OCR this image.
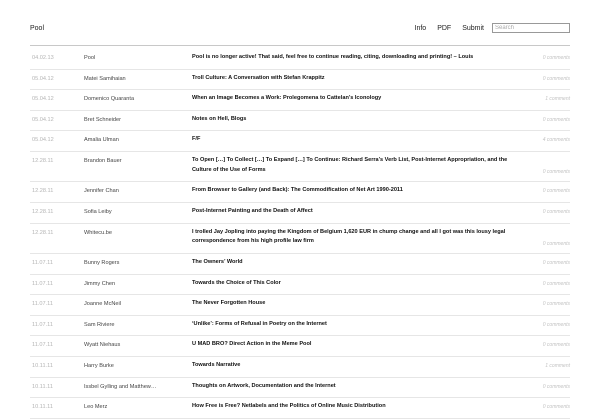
Pool	Info PDF Submit
Search
04.02.13	Pool	Pool is no longer active! That said, feel free to continue reading, citing, downloading and printing! – Louis	0 comments
05.04.12	Matei Samihaian	Troll Culture: A Conversation with Stefan Krappitz	0 comments
05.04.12	Domenico Quaranta	When an Image Becomes a Work: Prolegomena to Cattelan’s Iconology	1 comment
05.04.12	Bret Schneider	Notes on Hell, Blogs	0 comments
05.04.12	Amalia Ulman	F/F	4 comments
12.28.11	Brandon Bauer	To Open […] To Collect […] To Expand […] To Continue: Richard Serra’s Verb List, Post-Internet Appropriation, and the Culture of the Use of Forms	0 comments
12.28.11	Jennifer Chan	From Browser to Gallery (and Back): The Commodification of Net Art 1990-2011	0 comments
12.28.11	Sofia Leiby	Post-Internet Painting and the Death of Affect	0 comments
12.28.11	Whitecu.be	I trolled Jay Jopling into paying the Kingdom of Belgium 1,620 EUR in chump change and all I got was this lousy legal correspondence from his high profile law firm	0 comments
11.07.11	Bunny Rogers	The Owners’ World	0 comments
11.07.11	Jimmy Chen	Towards the Choice of This Color	0 comments
11.07.11	Joanne McNeil	The Never Forgotten House	0 comments
11.07.11	Sam Riviere	‘Unlike’: Forms of Refusal in Poetry on the Internet	0 comments
11.07.11	Wyatt Niehaus	U MAD BRO? Direct Action in the Meme Pool	0 comments
10.11.11	Harry Burke	Towards Narrative	1 comment
10.11.11	Issbel Gylling and Matthew…	Thoughts on Artwork, Documentation and the Internet	0 comments
10.11.11	Leo Merz	How Free is Free? Netlabels and the Politics of Online Music Distribution	0 comments
